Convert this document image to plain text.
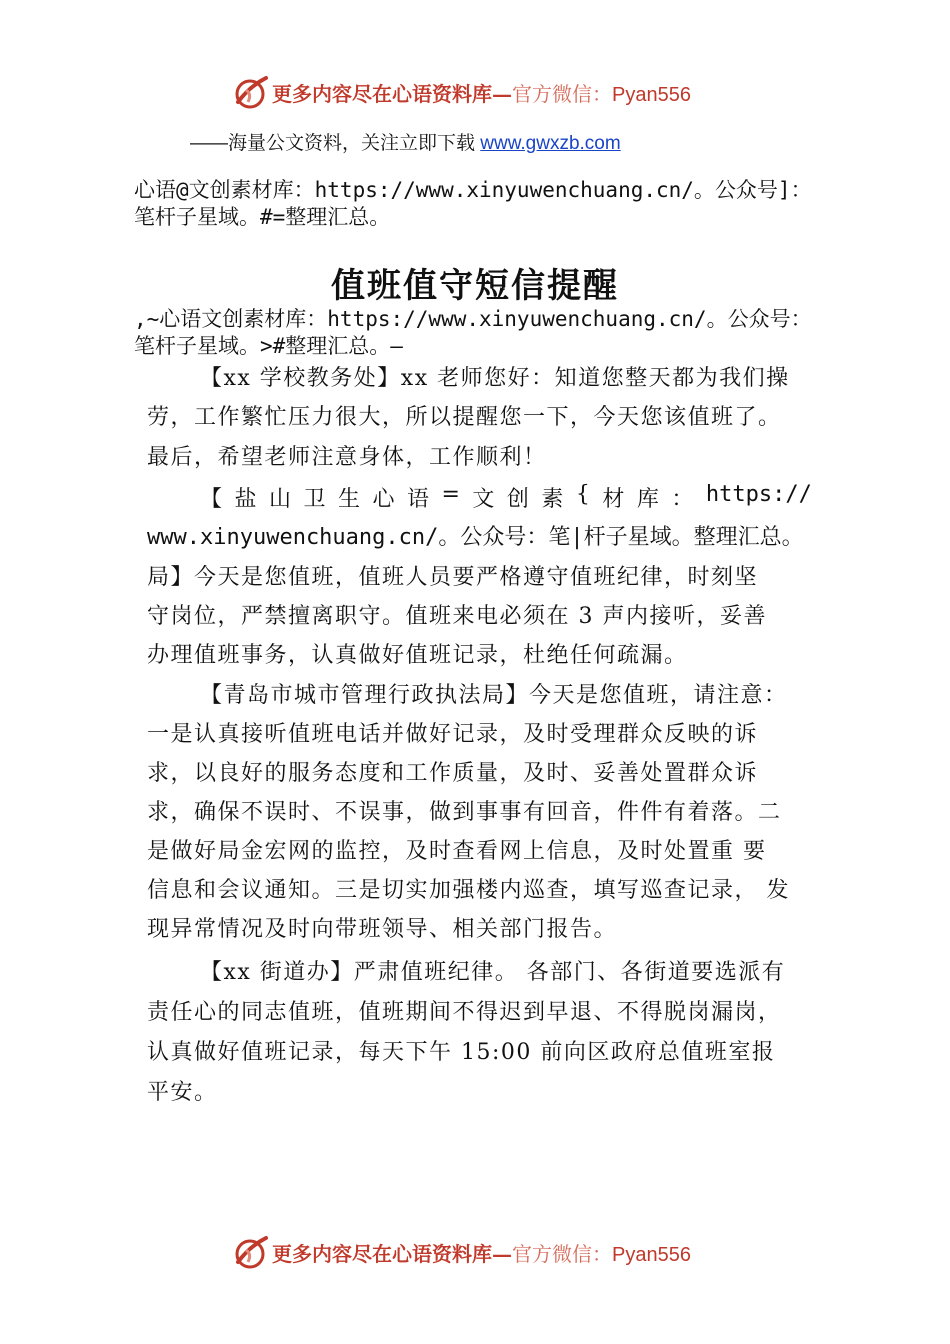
更多内容尽在心语资料库—官方微信：Pyan556
——海量公文资料，关注立即下载 www.gwxzb.com
心语@文创素材库：https://www.xinyuwenchuang.cn/。公众号]：
笔杆子星域。#=整理汇总。
值班值守短信提醒
,~心语文创素材库：https://www.xinyuwenchuang.cn/。公众号：
笔杆子星域。>#整理汇总。—
【xx 学校教务处】xx 老师您好：知道您整天都为我们操
劳，工作繁忙压力很大，所以提醒您一下，今天您该值班了。
最后，希望老师注意身体，工作顺利！
【 盐 山 卫 生 心 语 = 文 创 素 { 材 库 ： https://
www.xinyuwenchuang.cn/。公众号：笔|杆子星域。整理汇总。
局】今天是您值班，值班人员要严格遵守值班纪律，时刻坚
守岗位，严禁擅离职守。值班来电必须在 3 声内接听，妥善
办理值班事务，认真做好值班记录，杜绝任何疏漏。
【青岛市城市管理行政执法局】今天是您值班，请注意：
一是认真接听值班电话并做好记录，及时受理群众反映的诉
求，以良好的服务态度和工作质量，及时、妥善处置群众诉
求，确保不误时、不误事，做到事事有回音，件件有着落。二
是做好局金宏网的监控，及时查看网上信息，及时处置重 要
信息和会议通知。三是切实加强楼内巡查，填写巡查记录， 发
现异常情况及时向带班领导、相关部门报告。
【xx 街道办】严肃值班纪律。 各部门、各街道要选派有
责任心的同志值班，值班期间不得迟到早退、不得脱岗漏岗，
认真做好值班记录，每天下午 15:00 前向区政府总值班室报
平安。
更多内容尽在心语资料库—官方微信：Pyan556
